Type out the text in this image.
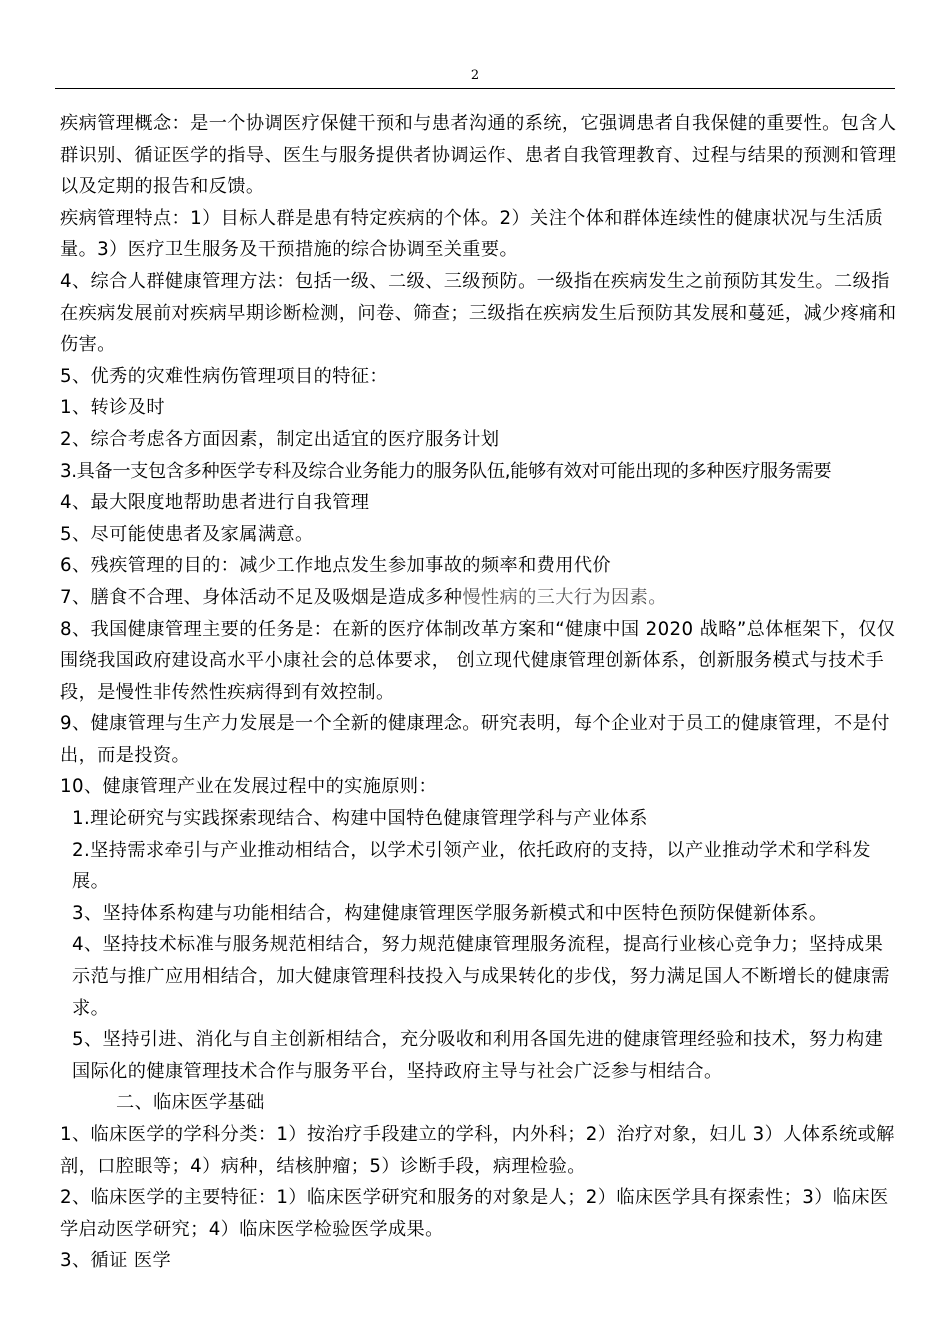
2

疾病管理概念：是一个协调医疗保健干预和与患者沟通的系统，它强调患者自我保健的重要性。包含人群识别、循证医学的指导、医生与服务提供者协调运作、患者自我管理教育、过程与结果的预测和管理以及定期的报告和反馈。

疾病管理特点：1）目标人群是患有特定疾病的个体。2）关注个体和群体连续性的健康状况与生活质量。3）医疗卫生服务及干预措施的综合协调至关重要。

4、综合人群健康管理方法：包括一级、二级、三级预防。一级指在疾病发生之前预防其发生。二级指在疾病发展前对疾病早期诊断检测，问卷、筛查；三级指在疾病发生后预防其发展和蔓延，减少疼痛和伤害。

5、优秀的灾难性病伤管理项目的特征：

1、转诊及时

2、综合考虑各方面因素，制定出适宜的医疗服务计划

3.具备一支包含多种医学专科及综合业务能力的服务队伍,能够有效对可能出现的多种医疗服务需要

4、最大限度地帮助患者进行自我管理

5、尽可能使患者及家属满意。

6、残疾管理的目的：减少工作地点发生参加事故的频率和费用代价

7、膳食不合理、身体活动不足及吸烟是造成多种慢性病的三大行为因素。

8、我国健康管理主要的任务是：在新的医疗体制改革方案和“健康中国 2020 战略”总体框架下，仅仅围绕我国政府建设高水平小康社会的总体要求， 创立现代健康管理创新体系，创新服务模式与技术手段，是慢性非传然性疾病得到有效控制。

9、健康管理与生产力发展是一个全新的健康理念。研究表明，每个企业对于员工的健康管理，不是付出，而是投资。

10、健康管理产业在发展过程中的实施原则：

1.理论研究与实践探索现结合、构建中国特色健康管理学科与产业体系

2.坚持需求牵引与产业推动相结合，以学术引领产业，依托政府的支持，以产业推动学术和学科发展。

3、坚持体系构建与功能相结合，构建健康管理医学服务新模式和中医特色预防保健新体系。

4、坚持技术标准与服务规范相结合，努力规范健康管理服务流程，提高行业核心竞争力；坚持成果示范与推广应用相结合，加大健康管理科技投入与成果转化的步伐，努力满足国人不断增长的健康需求。

5、坚持引进、消化与自主创新相结合，充分吸收和利用各国先进的健康管理经验和技术，努力构建国际化的健康管理技术合作与服务平台，坚持政府主导与社会广泛参与相结合。

二、临床医学基础

1、临床医学的学科分类：1）按治疗手段建立的学科，内外科；2）治疗对象，妇儿 3）人体系统或解剖，口腔眼等；4）病种，结核肿瘤；5）诊断手段，病理检验。

2、临床医学的主要特征：1）临床医学研究和服务的对象是人；2）临床医学具有探索性；3）临床医学启动医学研究；4）临床医学检验医学成果。

3、循证 医学
